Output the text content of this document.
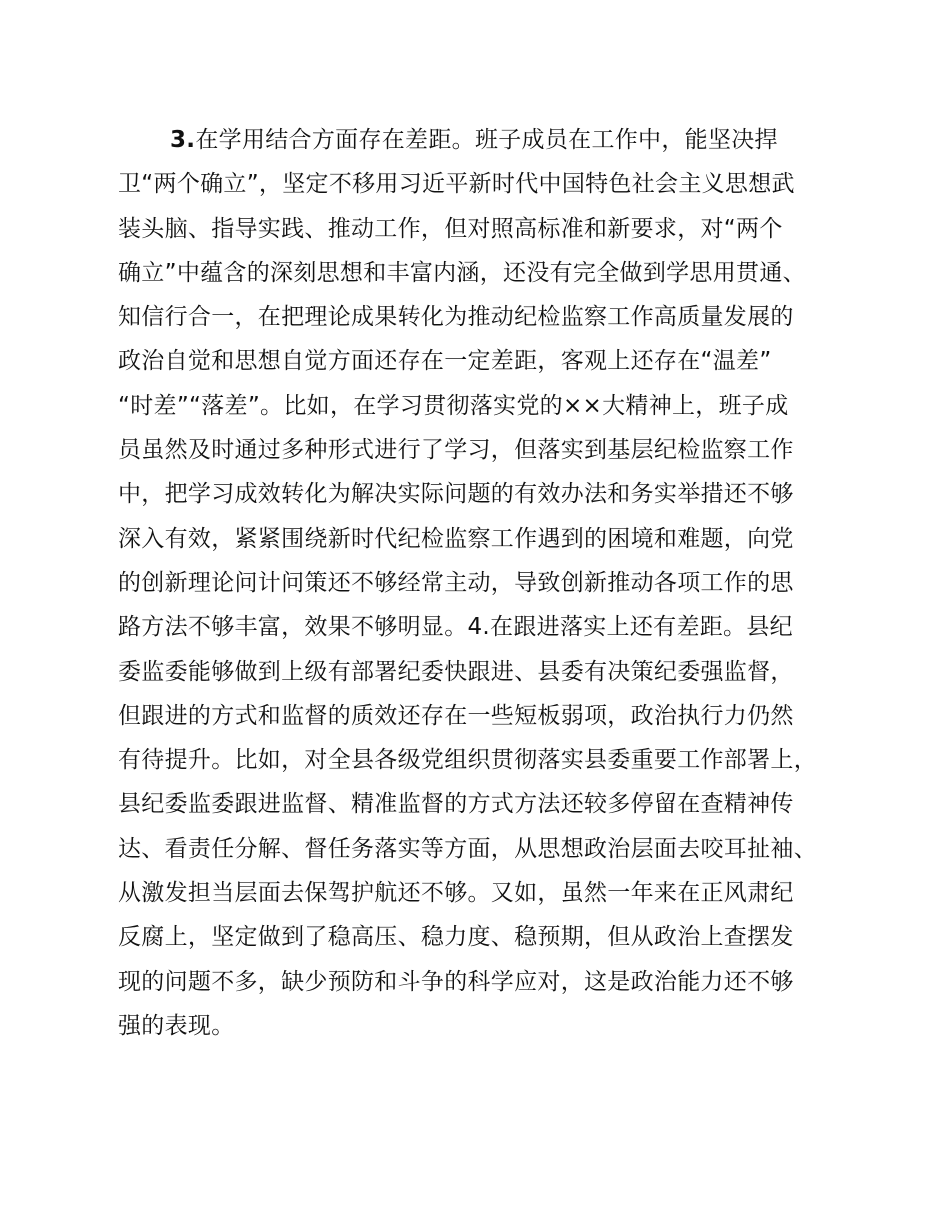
3.在学用结合方面存在差距。班子成员在工作中，能坚决捍
卫“两个确立”，坚定不移用习近平新时代中国特色社会主义思想武
装头脑、指导实践、推动工作，但对照高标准和新要求，对“两个
确立”中蕴含的深刻思想和丰富内涵，还没有完全做到学思用贯通、
知信行合一，在把理论成果转化为推动纪检监察工作高质量发展的
政治自觉和思想自觉方面还存在一定差距，客观上还存在“温差”
“时差”“落差”。比如，在学习贯彻落实党的××大精神上，班子成
员虽然及时通过多种形式进行了学习，但落实到基层纪检监察工作
中，把学习成效转化为解决实际问题的有效办法和务实举措还不够
深入有效，紧紧围绕新时代纪检监察工作遇到的困境和难题，向党
的创新理论问计问策还不够经常主动，导致创新推动各项工作的思
路方法不够丰富，效果不够明显。4.在跟进落实上还有差距。县纪
委监委能够做到上级有部署纪委快跟进、县委有决策纪委强监督，
但跟进的方式和监督的质效还存在一些短板弱项，政治执行力仍然
有待提升。比如，对全县各级党组织贯彻落实县委重要工作部署上，
县纪委监委跟进监督、精准监督的方式方法还较多停留在查精神传
达、看责任分解、督任务落实等方面，从思想政治层面去咬耳扯袖、
从激发担当层面去保驾护航还不够。又如，虽然一年来在正风肃纪
反腐上，坚定做到了稳高压、稳力度、稳预期，但从政治上查摆发
现的问题不多，缺少预防和斗争的科学应对，这是政治能力还不够
强的表现。
